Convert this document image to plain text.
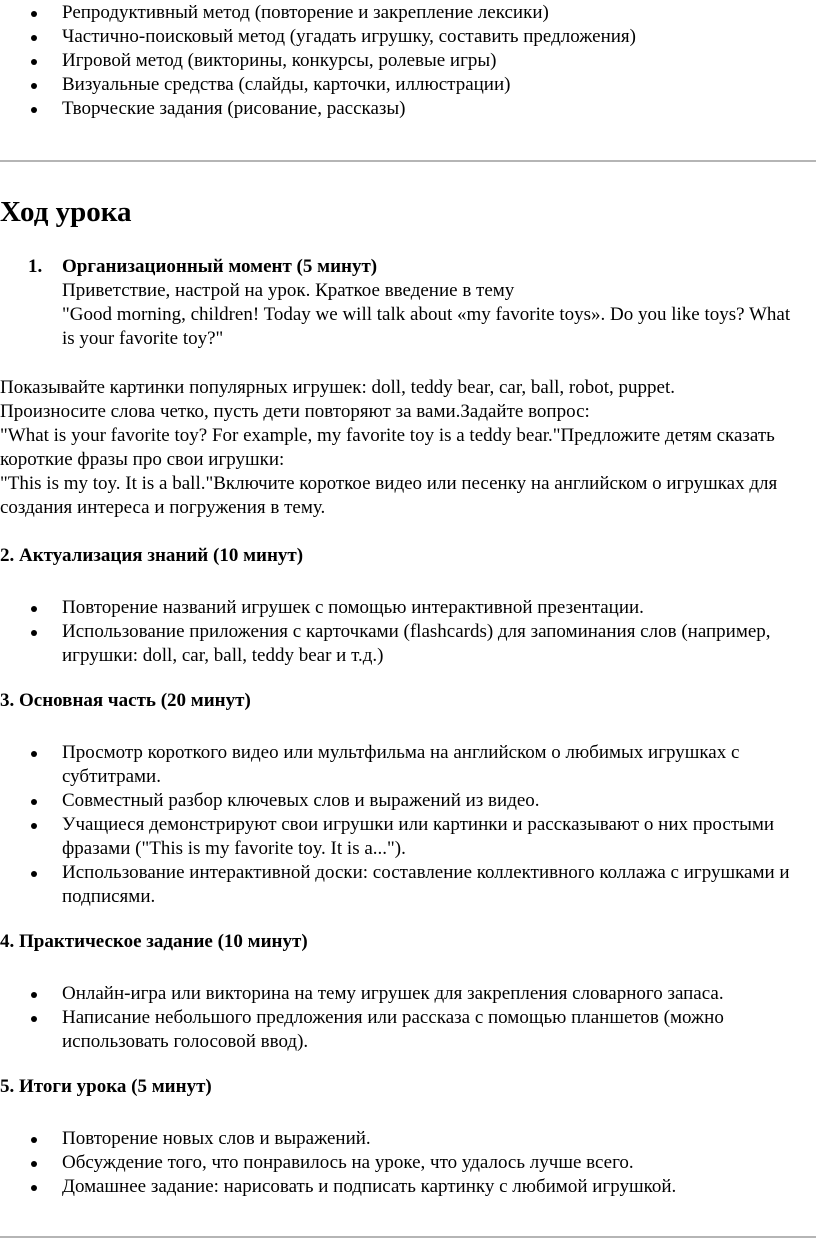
Репродуктивный метод (повторение и закрепление лексики)
Частично-поисковый метод (угадать игрушку, составить предложения)
Игровой метод (викторины, конкурсы, ролевые игры)
Визуальные средства (слайды, карточки, иллюстрации)
Творческие задания (рисование, рассказы)
Ход урока
1. Организационный момент (5 минут)
Приветствие, настрой на урок. Краткое введение в тему
"Good morning, children! Today we will talk about «my favorite toys». Do you like toys? What is your favorite toy?"

Показывайте картинки популярных игрушек: doll, teddy bear, car, ball, robot, puppet.

Произносите слова четко, пусть дети повторяют за вами.Задайте вопрос:

"What is your favorite toy? For example, my favorite toy is a teddy bear."Предложите детям сказать короткие фразы про свои игрушки:

"This is my toy. It is a ball."Включите короткое видео или песенку на английском о игрушках для создания интереса и погружения в тему.

2. Актуализация знаний (10 минут)

Повторение названий игрушек с помощью интерактивной презентации.
Использование приложения с карточками (flashcards) для запоминания слов (например, игрушки: doll, car, ball, teddy bear и т.д.)

3. Основная часть (20 минут)

Просмотр короткого видео или мультфильма на английском о любимых игрушках с субтитрами.
Совместный разбор ключевых слов и выражений из видео.
Учащиеся демонстрируют свои игрушки или картинки и рассказывают о них простыми фразами ("This is my favorite toy. It is a...").
Использование интерактивной доски: составление коллективного коллажа с игрушками и подписями.

4. Практическое задание (10 минут)

Онлайн-игра или викторина на тему игрушек для закрепления словарного запаса.
Написание небольшого предложения или рассказа с помощью планшетов (можно использовать голосовой ввод).

5. Итоги урока (5 минут)

Повторение новых слов и выражений.
Обсуждение того, что понравилось на уроке, что удалось лучше всего.
Домашнее задание: нарисовать и подписать картинку с любимой игрушкой.
